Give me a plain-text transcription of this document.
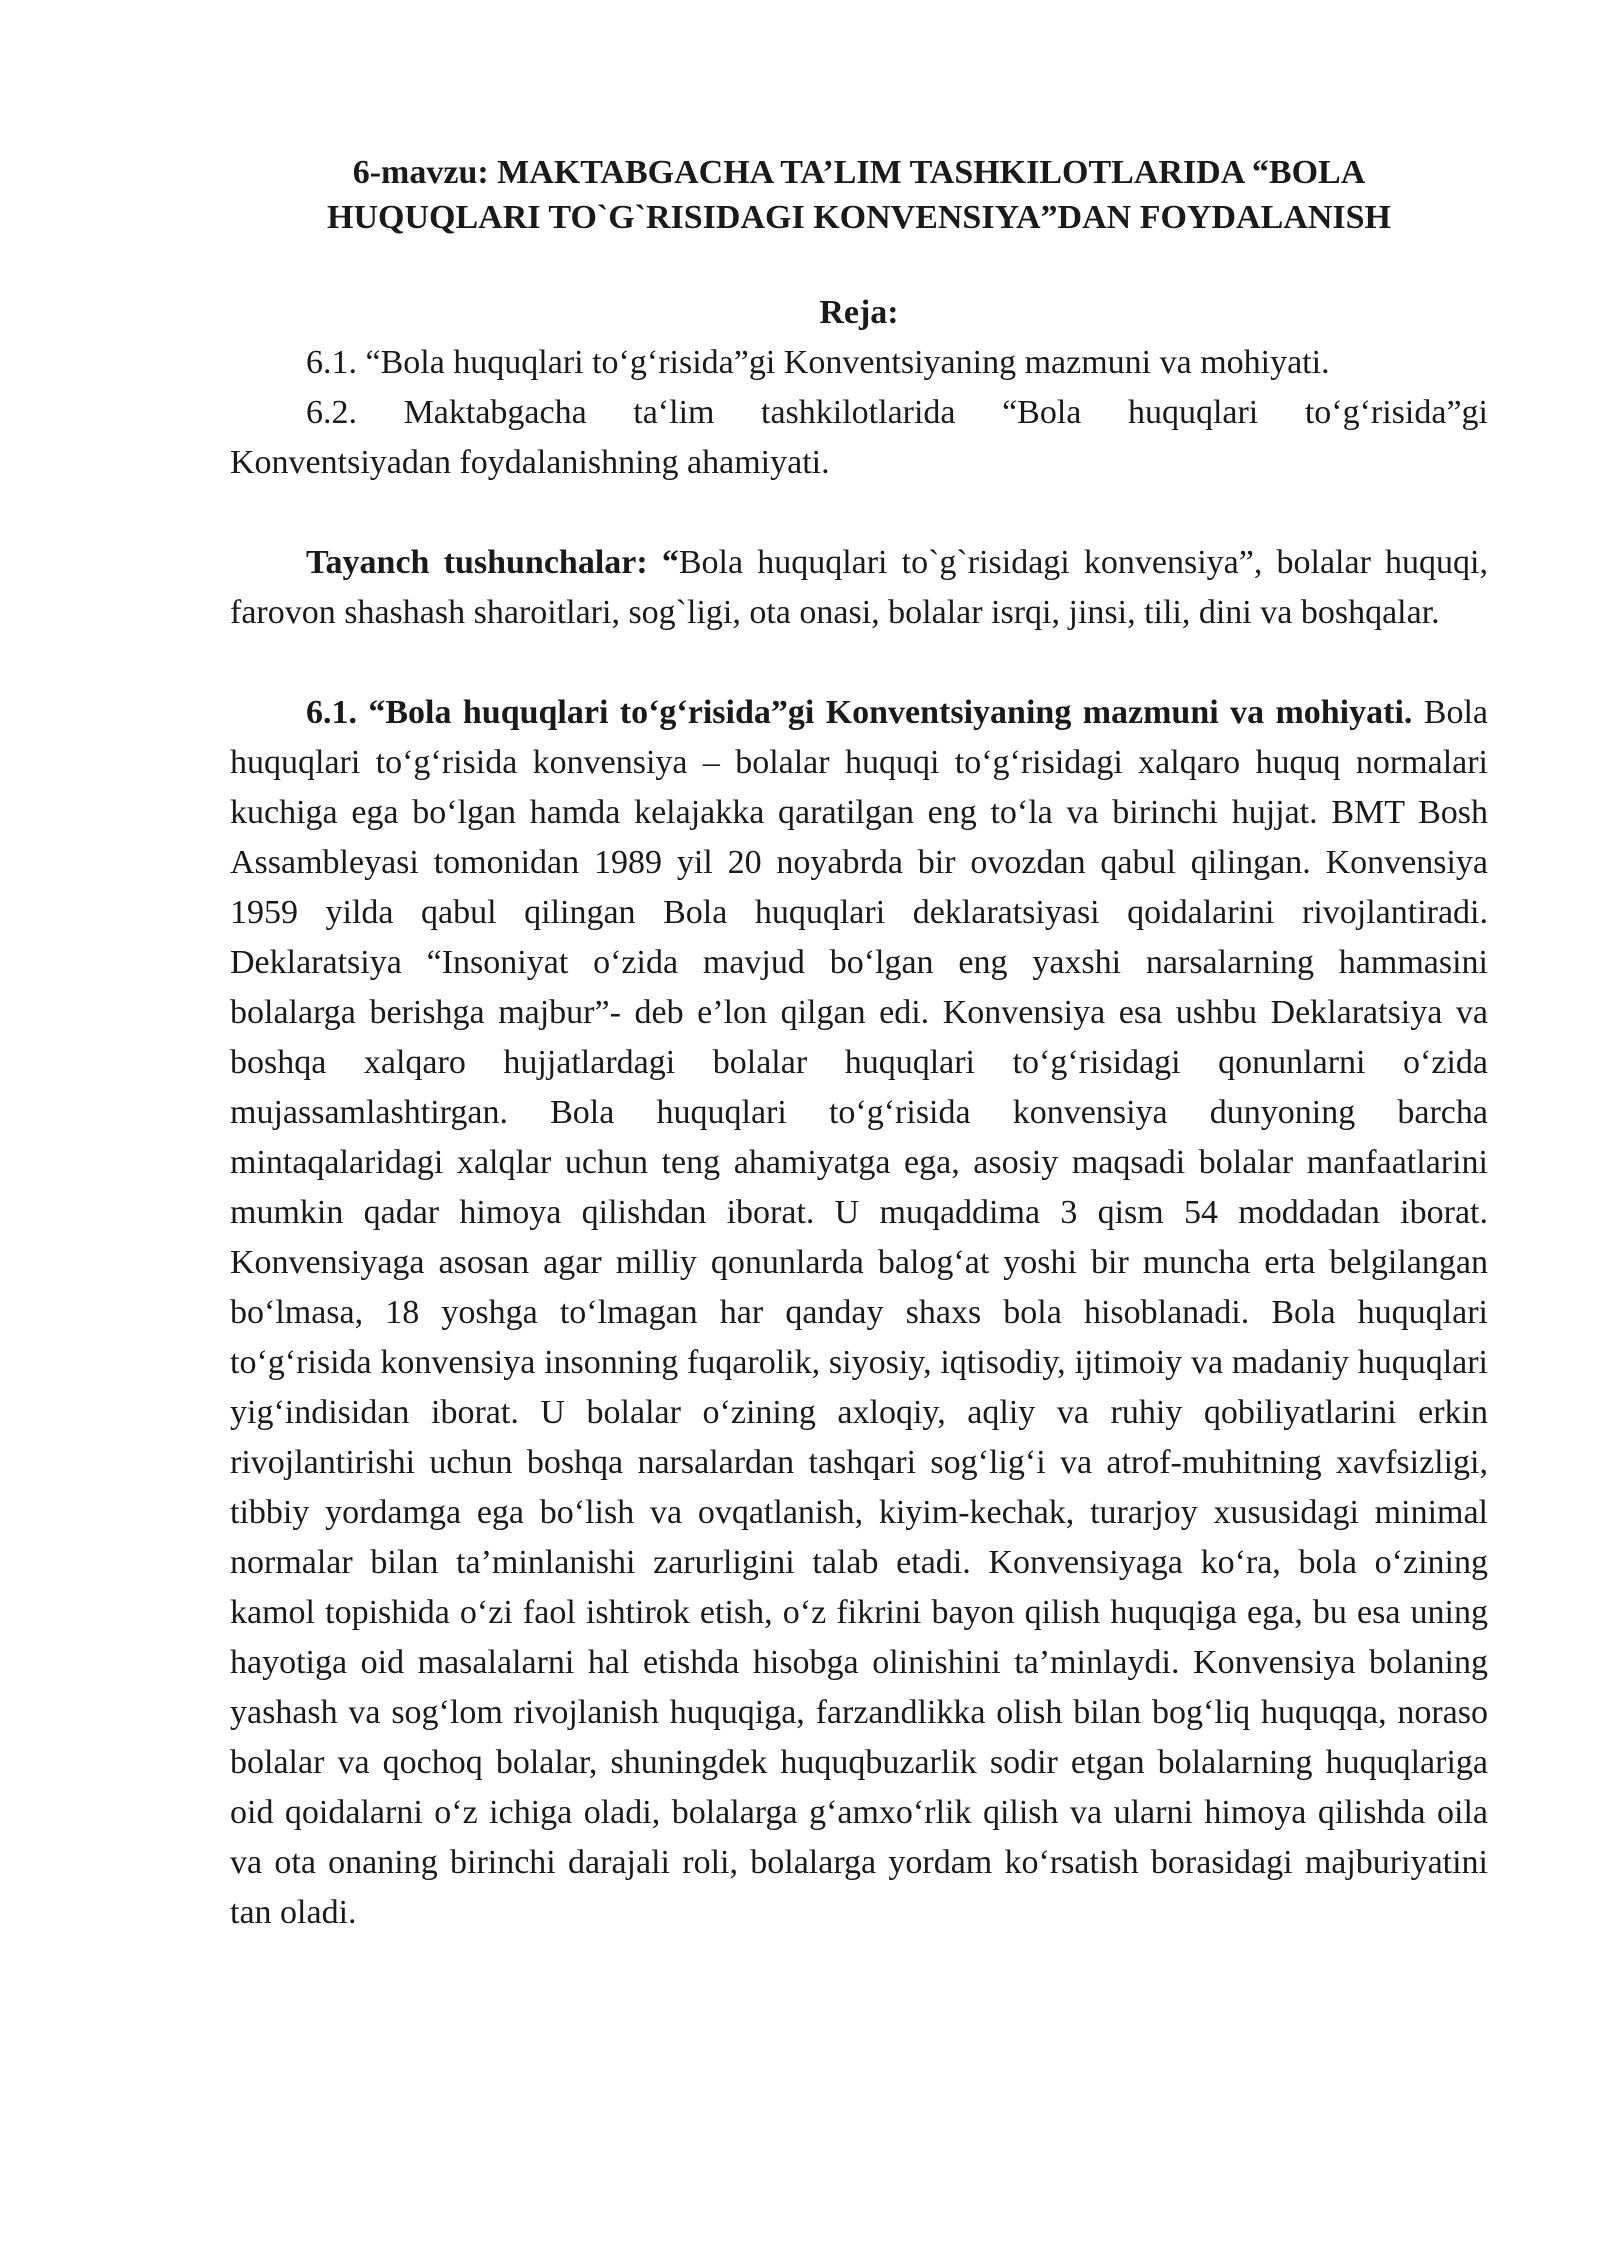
6-mavzu: MAKTABGACHA TA’LIM TASHKILOTLARIDA “BOLA
HUQUQLARI TO`G`RISIDAGI KONVENSIYA”DAN FOYDALANISH
Reja:
6.1. “Bola huquqlari to‘g‘risida”gi Konventsiyaning mazmuni va mohiyati.
6.2. Maktabgacha ta‘lim tashkilotlarida “Bola huquqlari to‘g‘risida”gi Konventsiyadan foydalanishning ahamiyati.

Tayanch tushunchalar: “Bola huquqlari to`g`risidagi konvensiya”, bolalar huquqi, farovon shashash sharoitlari, sog`ligi, ota onasi, bolalar isrqi, jinsi, tili, dini va boshqalar.

6.1. “Bola huquqlari to‘g‘risida”gi Konventsiyaning mazmuni va mohiyati. Bola huquqlari to‘g‘risida konvensiya – bolalar huquqi to‘g‘risidagi xalqaro huquq normalari kuchiga ega bo‘lgan hamda kelajakka qaratilgan eng to‘la va birinchi hujjat. BMT Bosh Assambleyasi tomonidan 1989 yil 20 noyabrda bir ovozdan qabul qilingan. Konvensiya 1959 yilda qabul qilingan Bola huquqlari deklaratsiyasi qoidalarini rivojlantiradi. Deklaratsiya “Insoniyat o‘zida mavjud bo‘lgan eng yaxshi narsalarning hammasini bolalarga berishga majbur”- deb e’lon qilgan edi. Konvensiya esa ushbu Deklaratsiya va boshqa xalqaro hujjatlardagi bolalar huquqlari to‘g‘risidagi qonunlarni o‘zida mujassamlashtirgan. Bola huquqlari to‘g‘risida konvensiya dunyoning barcha mintaqalaridagi xalqlar uchun teng ahamiyatga ega, asosiy maqsadi bolalar manfaatlarini mumkin qadar himoya qilishdan iborat. U muqaddima 3 qism 54 moddadan iborat. Konvensiyaga asosan agar milliy qonunlarda balog‘at yoshi bir muncha erta belgilangan bo‘lmasa, 18 yoshga to‘lmagan har qanday shaxs bola hisoblanadi. Bola huquqlari to‘g‘risida konvensiya insonning fuqarolik, siyosiy, iqtisodiy, ijtimoiy va madaniy huquqlari yig‘indisidan iborat. U bolalar o‘zining axloqiy, aqliy va ruhiy qobiliyatlarini erkin rivojlantirishi uchun boshqa narsalardan tashqari sog‘lig‘i va atrof-muhitning xavfsizligi, tibbiy yordamga ega bo‘lish va ovqatlanish, kiyim-kechak, turarjoy xususidagi minimal normalar bilan ta’minlanishi zarurligini talab etadi. Konvensiyaga ko‘ra, bola o‘zining kamol topishida o‘zi faol ishtirok etish, o‘z fikrini bayon qilish huquqiga ega, bu esa uning hayotiga oid masalalarni hal etishda hisobga olinishini ta’minlaydi. Konvensiya bolaning yashash va sog‘lom rivojlanish huquqiga, farzandlikka olish bilan bog‘liq huquqqa, noraso bolalar va qochoq bolalar, shuningdek huquqbuzarlik sodir etgan bolalarning huquqlariga oid qoidalarni o‘z ichiga oladi, bolalarga g‘amxo‘rlik qilish va ularni himoya qilishda oila va ota onaning birinchi darajali roli, bolalarga yordam ko‘rsatish borasidagi majburiyatini tan oladi.
